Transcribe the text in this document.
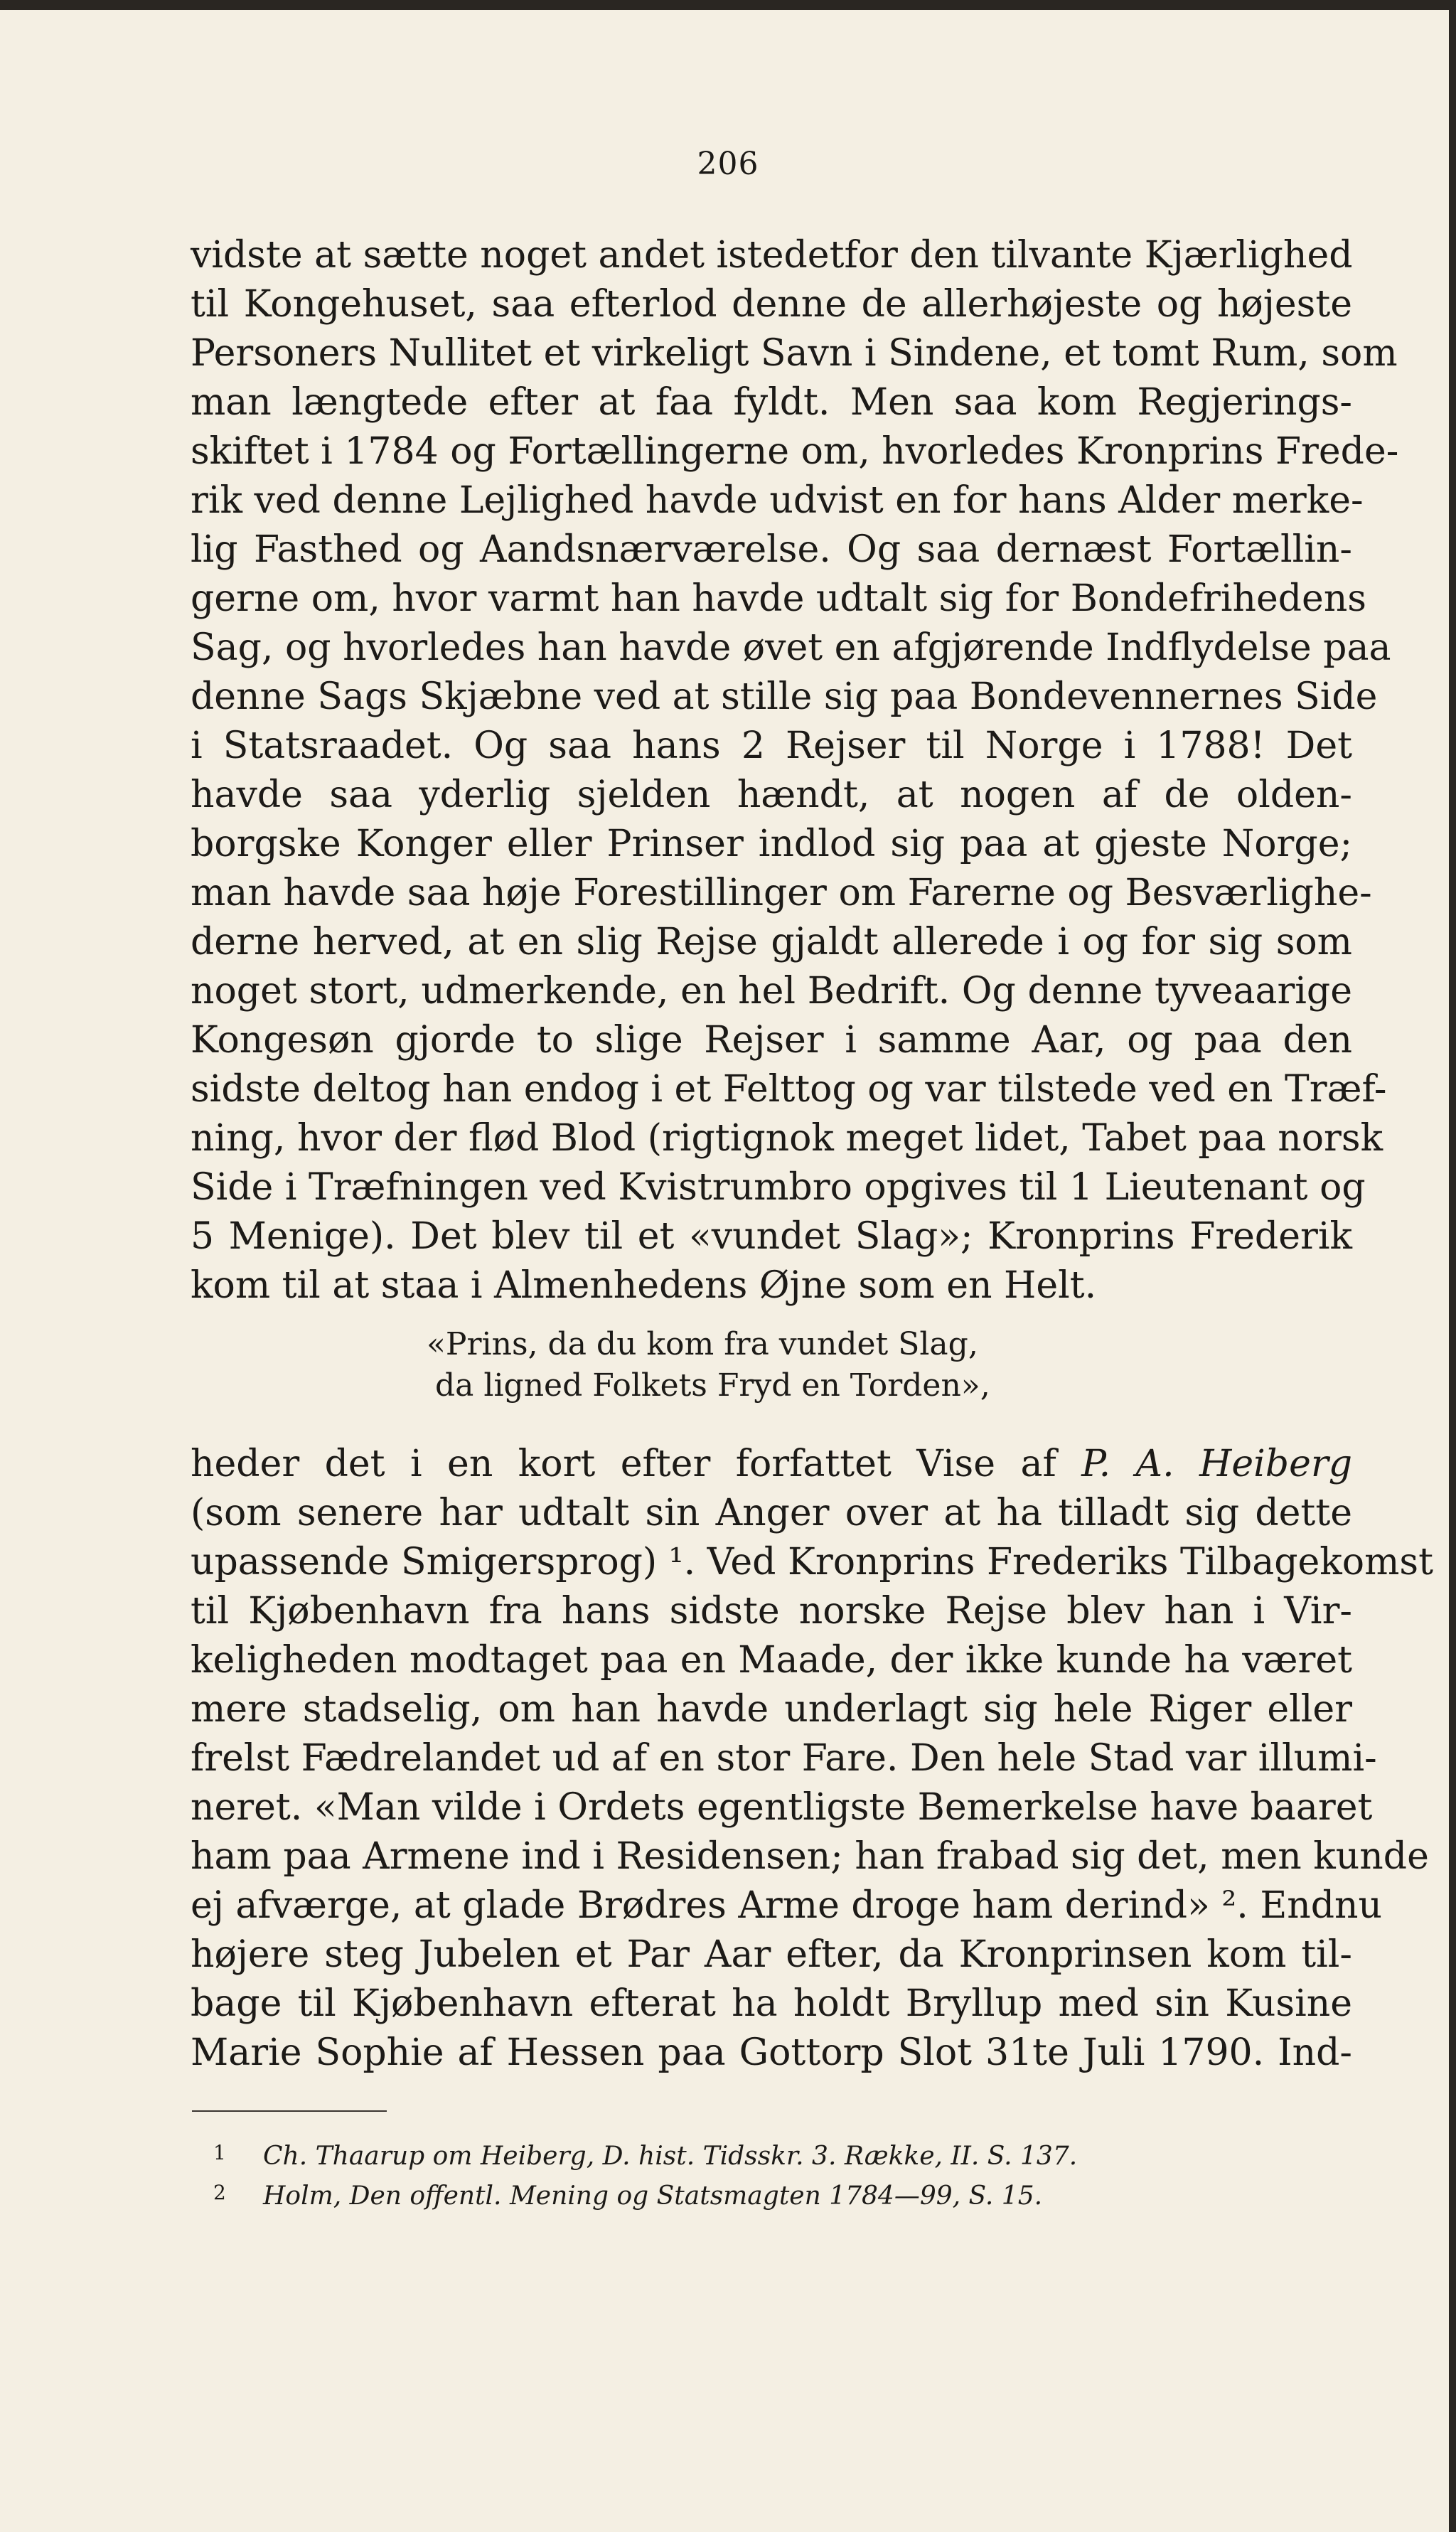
206
vidste at sætte noget andet istedetfor den tilvante Kjærlighed
til Kongehuset, saa efterlod denne de allerhøjeste og højeste
Personers Nullitet et virkeligt Savn i Sindene, et tomt Rum, som
man længtede efter at faa fyldt. Men saa kom Regjerings-
skiftet i 1784 og Fortællingerne om, hvorledes Kronprins Frede-
rik ved denne Lejlighed havde udvist en for hans Alder merke-
lig Fasthed og Aandsnærværelse. Og saa dernæst Fortællin-
gerne om, hvor varmt han havde udtalt sig for Bondefrihedens
Sag, og hvorledes han havde øvet en afgjørende Indflydelse paa
denne Sags Skjæbne ved at stille sig paa Bondevennernes Side
i Statsraadet. Og saa hans 2 Rejser til Norge i 1788! Det
havde saa yderlig sjelden hændt, at nogen af de olden-
borgske Konger eller Prinser indlod sig paa at gjeste Norge;
man havde saa høje Forestillinger om Farerne og Besværlighe-
derne herved, at en slig Rejse gjaldt allerede i og for sig som
noget stort, udmerkende, en hel Bedrift. Og denne tyveaarige
Kongesøn gjorde to slige Rejser i samme Aar, og paa den
sidste deltog han endog i et Felttog og var tilstede ved en Træf-
ning, hvor der flød Blod (rigtignok meget lidet, Tabet paa norsk
Side i Træfningen ved Kvistrumbro opgives til 1 Lieutenant og
5 Menige). Det blev til et «vundet Slag»; Kronprins Frederik
kom til at staa i Almenhedens Øjne som en Helt.
«Prins, da du kom fra vundet Slag,
da ligned Folkets Fryd en Torden»,
heder det i en kort efter forfattet Vise af P. A. Heiberg
(som senere har udtalt sin Anger over at ha tilladt sig dette
upassende Smigersprog) ¹. Ved Kronprins Frederiks Tilbagekomst
til Kjøbenhavn fra hans sidste norske Rejse blev han i Vir-
keligheden modtaget paa en Maade, der ikke kunde ha været
mere stadselig, om han havde underlagt sig hele Riger eller
frelst Fædrelandet ud af en stor Fare. Den hele Stad var illumi-
neret. «Man vilde i Ordets egentligste Bemerkelse have baaret
ham paa Armene ind i Residensen; han frabad sig det, men kunde
ej afværge, at glade Brødres Arme droge ham derind» ². Endnu
højere steg Jubelen et Par Aar efter, da Kronprinsen kom til-
bage til Kjøbenhavn efterat ha holdt Bryllup med sin Kusine
Marie Sophie af Hessen paa Gottorp Slot 31te Juli 1790. Ind-
1 Ch. Thaarup om Heiberg, D. hist. Tidsskr. 3. Række, II. S. 137.
2 Holm, Den offentl. Mening og Statsmagten 1784—99, S. 15.
